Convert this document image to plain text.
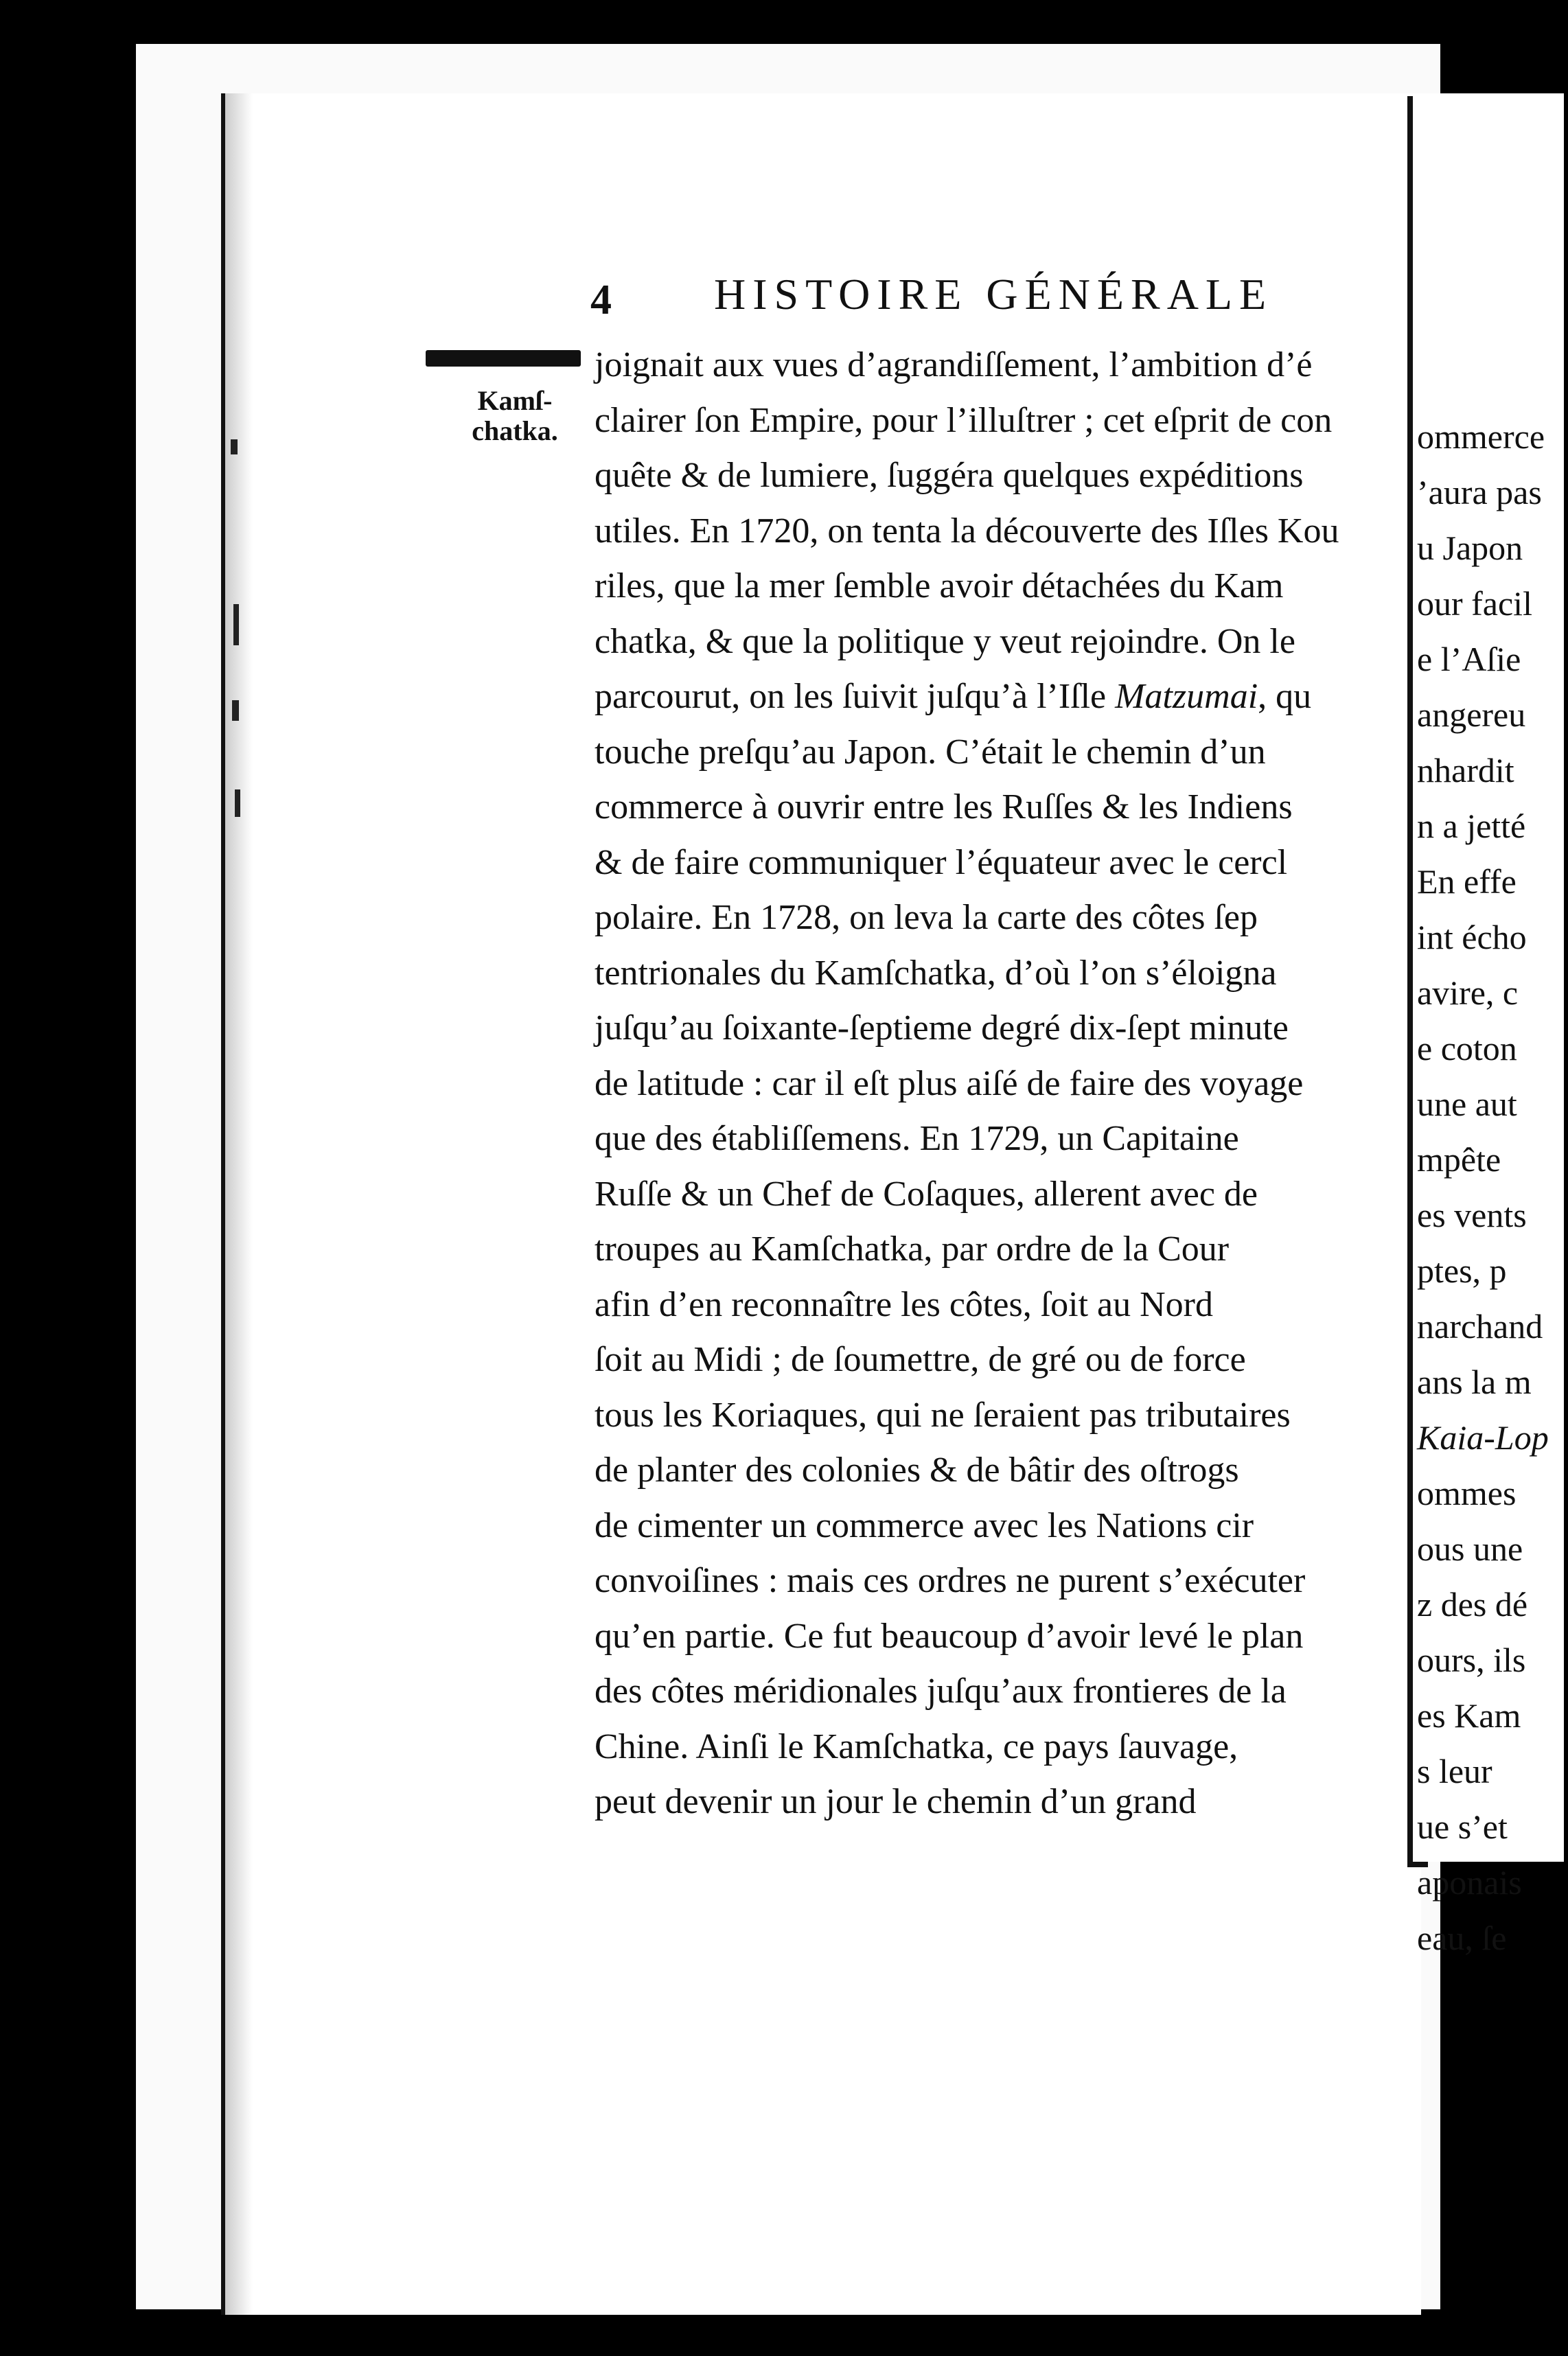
4 HISTOIRE GÉNÉRALE
Kamſ-
chatka.
joignait aux vues d’agrandiſſement, l’ambition d’é
clairer ſon Empire, pour l’illuſtrer ; cet eſprit de con
quête & de lumiere, ſuggéra quelques expéditions
utiles. En 1720, on tenta la découverte des Iſles Kou
riles, que la mer ſemble avoir détachées du Kam
chatka, & que la politique y veut rejoindre. On le
parcourut, on les ſuivit juſqu’à l’Iſle Matzumai, qu
touche preſqu’au Japon. C’était le chemin d’un
commerce à ouvrir entre les Ruſſes & les Indiens
& de faire communiquer l’équateur avec le cercl
polaire. En 1728, on leva la carte des côtes ſep
tentrionales du Kamſchatka, d’où l’on s’éloigna
juſqu’au ſoixante-ſeptieme degré dix-ſept minute
de latitude : car il eſt plus aiſé de faire des voyage
que des établiſſemens. En 1729, un Capitaine
Ruſſe & un Chef de Coſaques, allerent avec de
troupes au Kamſchatka, par ordre de la Cour
afin d’en reconnaître les côtes, ſoit au Nord
ſoit au Midi ; de ſoumettre, de gré ou de force
tous les Koriaques, qui ne ſeraient pas tributaires
de planter des colonies & de bâtir des oſtrogs
de cimenter un commerce avec les Nations cir
convoiſines : mais ces ordres ne purent s’exécuter
qu’en partie. Ce fut beaucoup d’avoir levé le plan
des côtes méridionales juſqu’aux frontieres de la
Chine. Ainſi le Kamſchatka, ce pays ſauvage,
peut devenir un jour le chemin d’un grand
ommerce
’aura pas
u Japon
our facil
e l’Aſie
angereu
nhardit
n a jetté
En effe
int écho
avire, c
e coton
une aut
mpête
es vents
ptes, p
narchand
ans la m
Kaia-Lop
ommes
ous une
z des dé
ours, ils
es Kam
s leur
ue s’et
aponais
eau, ſe
